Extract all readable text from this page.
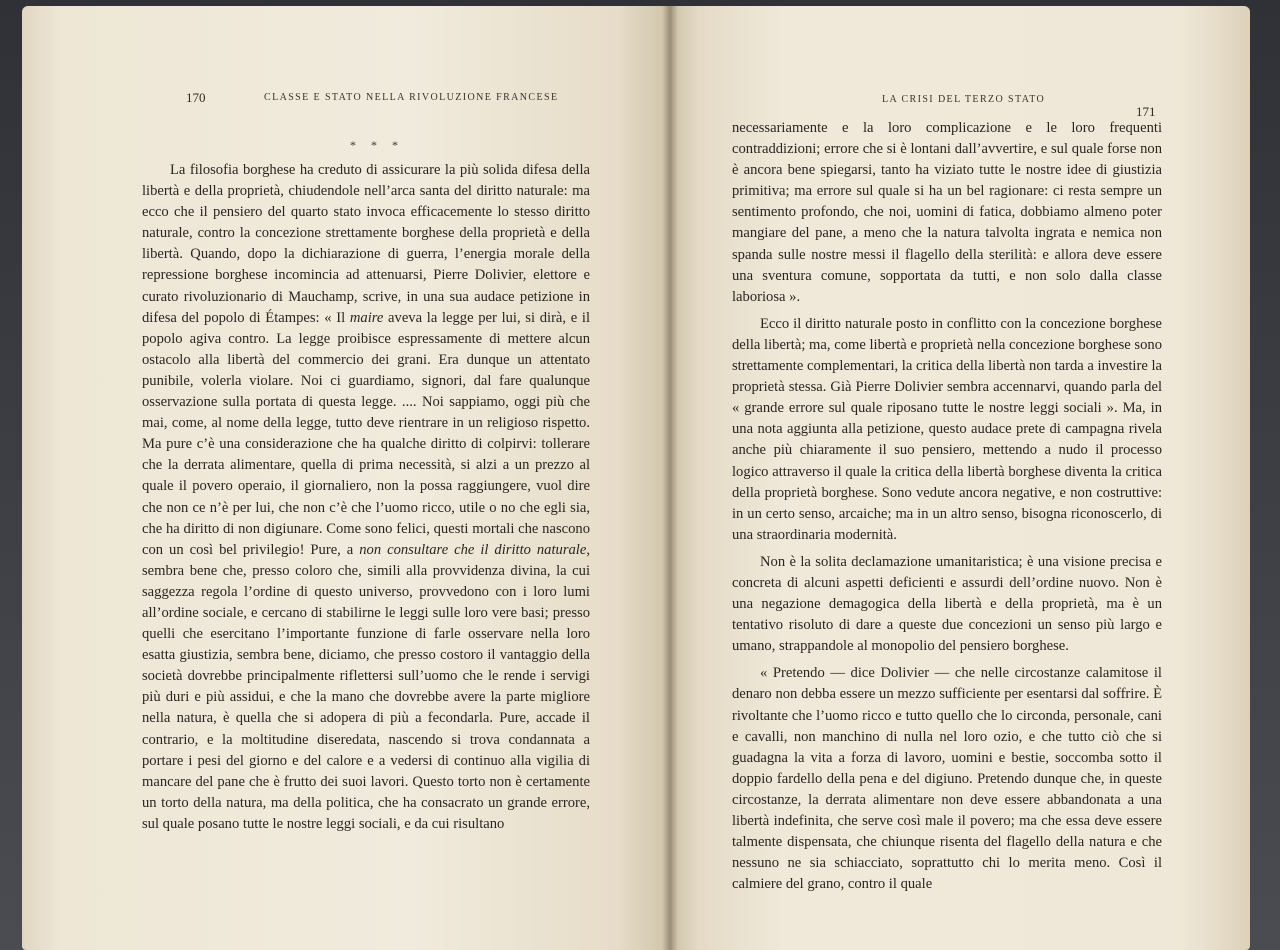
170	CLASSE E STATO NELLA RIVOLUZIONE FRANCESE
* * *

La filosofia borghese ha creduto di assicurare la più solida difesa della libertà e della proprietà, chiudendole nell’arca santa del diritto naturale: ma ecco che il pensiero del quarto stato invoca efficacemente lo stesso diritto naturale, contro la concezione strettamente borghese della proprietà e della libertà. Quando, dopo la dichiarazione di guerra, l’energia morale della repressione borghese incomincia ad attenuarsi, Pierre Dolivier, elettore e curato rivoluzionario di Mauchamp, scrive, in una sua audace petizione in difesa del popolo di Étampes: « Il maire aveva la legge per lui, si dirà, e il popolo agiva contro. La legge proibisce espressamente di mettere alcun ostacolo alla libertà del commercio dei grani. Era dunque un attentato punibile, volerla violare. Noi ci guardiamo, signori, dal fare qualunque osservazione sulla portata di questa legge. .... Noi sappiamo, oggi più che mai, come, al nome della legge, tutto deve rientrare in un religioso rispetto. Ma pure c’è una considerazione che ha qualche diritto di colpirvi: tollerare che la derrata alimentare, quella di prima necessità, si alzi a un prezzo al quale il povero operaio, il giornaliero, non la possa raggiungere, vuol dire che non ce n’è per lui, che non c’è che l’uomo ricco, utile o no che egli sia, che ha diritto di non digiunare. Come sono felici, questi mortali che nascono con un così bel privilegio! Pure, a non consultare che il diritto naturale, sembra bene che, presso coloro che, simili alla provvidenza divina, la cui saggezza regola l’ordine di questo universo, provvedono con i loro lumi all’ordine sociale, e cercano di stabilirne le leggi sulle loro vere basi; presso quelli che esercitano l’importante funzione di farle osservare nella loro esatta giustizia, sembra bene, diciamo, che presso costoro il vantaggio della società dovrebbe principalmente riflettersi sull’uomo che le rende i servigi più duri e più assidui, e che la mano che dovrebbe avere la parte migliore nella natura, è quella che si adopera di più a fecondarla. Pure, accade il contrario, e la moltitudine diseredata, nascendo si trova condannata a portare i pesi del giorno e del calore e a vedersi di continuo alla vigilia di mancare del pane che è frutto dei suoi lavori. Questo torto non è certamente un torto della natura, ma della politica, che ha consacrato un grande errore, sul quale posano tutte le nostre leggi sociali, e da cui risultano

LA CRISI DEL TERZO STATO
171

necessariamente e la loro complicazione e le loro frequenti contraddizioni; errore che si è lontani dall’avvertire, e sul quale forse non è ancora bene spiegarsi, tanto ha viziato tutte le nostre idee di giustizia primitiva; ma errore sul quale si ha un bel ragionare: ci resta sempre un sentimento profondo, che noi, uomini di fatica, dobbiamo almeno poter mangiare del pane, a meno che la natura talvolta ingrata e nemica non spanda sulle nostre messi il flagello della sterilità: e allora deve essere una sventura comune, sopportata da tutti, e non solo dalla classe laboriosa ».

Ecco il diritto naturale posto in conflitto con la concezione borghese della libertà; ma, come libertà e proprietà nella concezione borghese sono strettamente complementari, la critica della libertà non tarda a investire la proprietà stessa. Già Pierre Dolivier sembra accennarvi, quando parla del « grande errore sul quale riposano tutte le nostre leggi sociali ». Ma, in una nota aggiunta alla petizione, questo audace prete di campagna rivela anche più chiaramente il suo pensiero, mettendo a nudo il processo logico attraverso il quale la critica della libertà borghese diventa la critica della proprietà borghese. Sono vedute ancora negative, e non costruttive: in un certo senso, arcaiche; ma in un altro senso, bisogna riconoscerlo, di una straordinaria modernità.

Non è la solita declamazione umanitaristica; è una visione precisa e concreta di alcuni aspetti deficienti e assurdi dell’ordine nuovo. Non è una negazione demagogica della libertà e della proprietà, ma è un tentativo risoluto di dare a queste due concezioni un senso più largo e umano, strappandole al monopolio del pensiero borghese.

« Pretendo — dice Dolivier — che nelle circostanze calamitose il denaro non debba essere un mezzo sufficiente per esentarsi dal soffrire. È rivoltante che l’uomo ricco e tutto quello che lo circonda, personale, cani e cavalli, non manchino di nulla nel loro ozio, e che tutto ciò che si guadagna la vita a forza di lavoro, uomini e bestie, soccomba sotto il doppio fardello della pena e del digiuno. Pretendo dunque che, in queste circostanze, la derrata alimentare non deve essere abbandonata a una libertà indefinita, che serve così male il povero; ma che essa deve essere talmente dispensata, che chiunque risenta del flagello della natura e che nessuno ne sia schiacciato, soprattutto chi lo merita meno. Così il calmiere del grano, contro il quale
